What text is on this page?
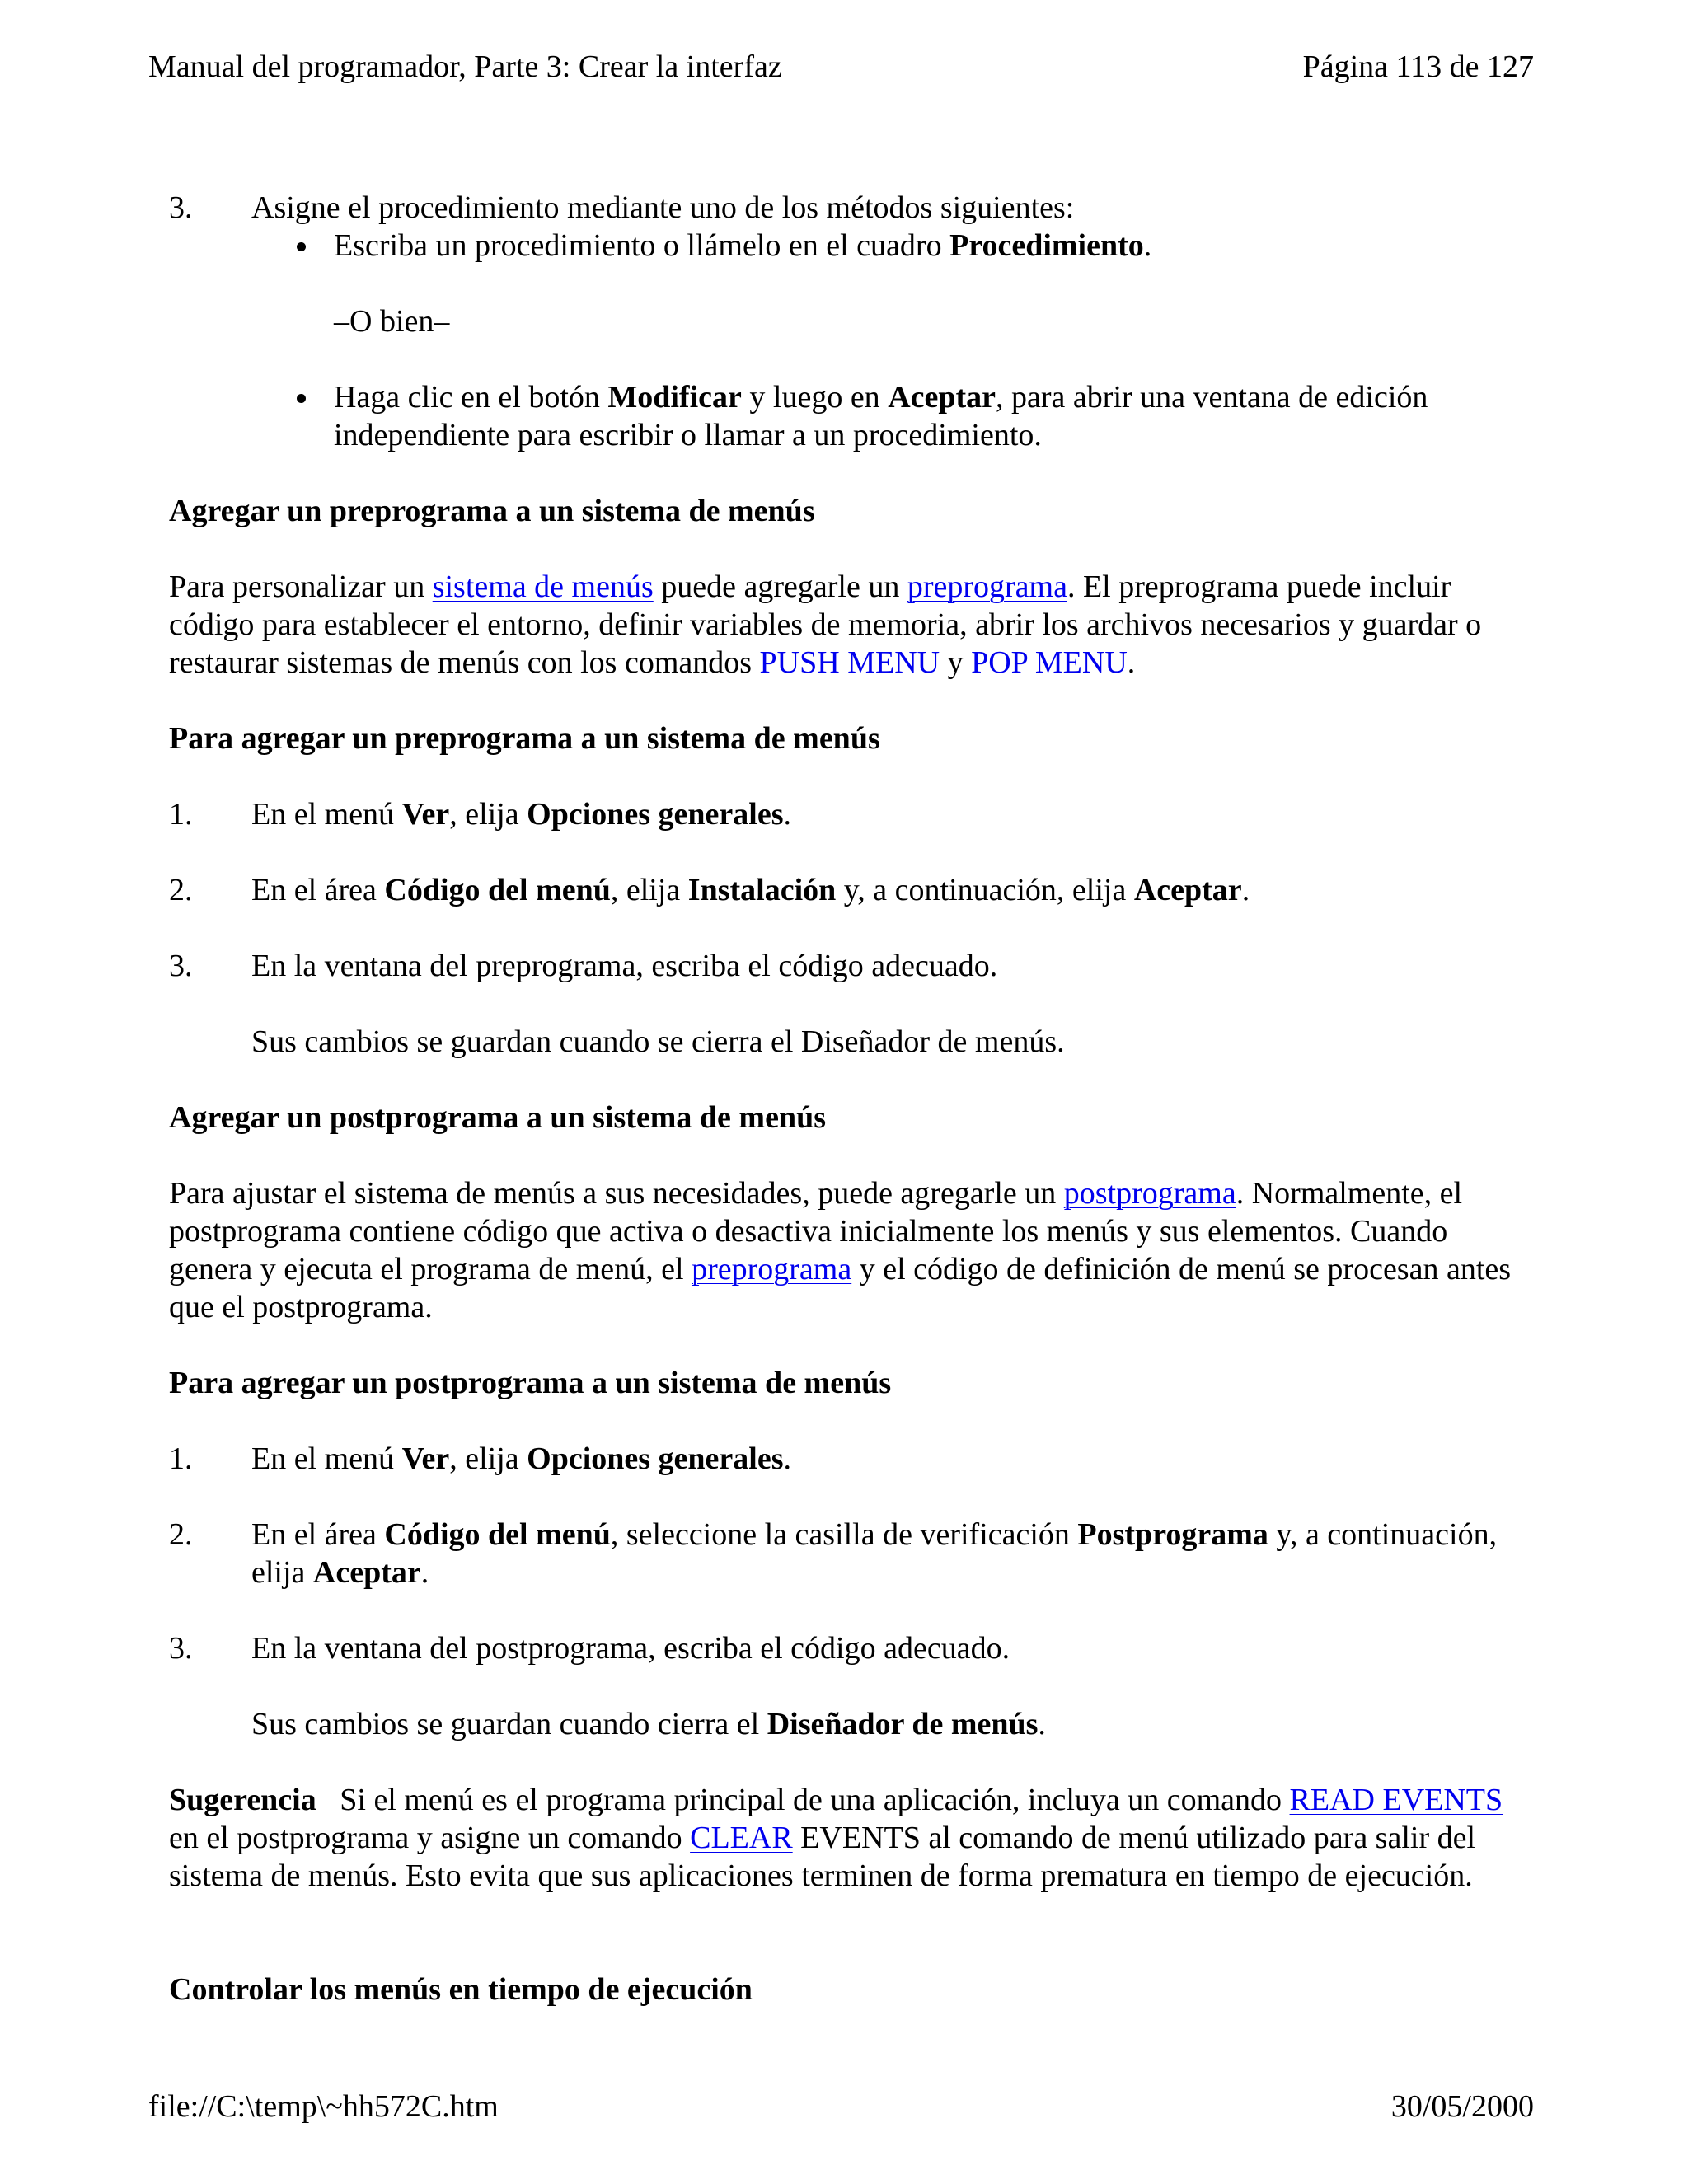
Manual del programador, Parte 3: Crear la interfaz	Página 113 de 127
3. Asigne el procedimiento mediante uno de los métodos siguientes:
Escriba un procedimiento o llámelo en el cuadro Procedimiento.
–O bien–
Haga clic en el botón Modificar y luego en Aceptar, para abrir una ventana de edición independiente para escribir o llamar a un procedimiento.
Agregar un preprograma a un sistema de menús
Para personalizar un sistema de menús puede agregarle un preprograma. El preprograma puede incluir código para establecer el entorno, definir variables de memoria, abrir los archivos necesarios y guardar o restaurar sistemas de menús con los comandos PUSH MENU y POP MENU.
Para agregar un preprograma a un sistema de menús
1. En el menú Ver, elija Opciones generales.
2. En el área Código del menú, elija Instalación y, a continuación, elija Aceptar.
3. En la ventana del preprograma, escriba el código adecuado.
Sus cambios se guardan cuando se cierra el Diseñador de menús.
Agregar un postprograma a un sistema de menús
Para ajustar el sistema de menús a sus necesidades, puede agregarle un postprograma. Normalmente, el postprograma contiene código que activa o desactiva inicialmente los menús y sus elementos. Cuando genera y ejecuta el programa de menú, el preprograma y el código de definición de menú se procesan antes que el postprograma.
Para agregar un postprograma a un sistema de menús
1. En el menú Ver, elija Opciones generales.
2. En el área Código del menú, seleccione la casilla de verificación Postprograma y, a continuación, elija Aceptar.
3. En la ventana del postprograma, escriba el código adecuado.
Sus cambios se guardan cuando cierra el Diseñador de menús.
Sugerencia   Si el menú es el programa principal de una aplicación, incluya un comando READ EVENTS en el postprograma y asigne un comando CLEAR EVENTS al comando de menú utilizado para salir del sistema de menús. Esto evita que sus aplicaciones terminen de forma prematura en tiempo de ejecución.
Controlar los menús en tiempo de ejecución
file://C:\temp\~hh572C.htm	30/05/2000
